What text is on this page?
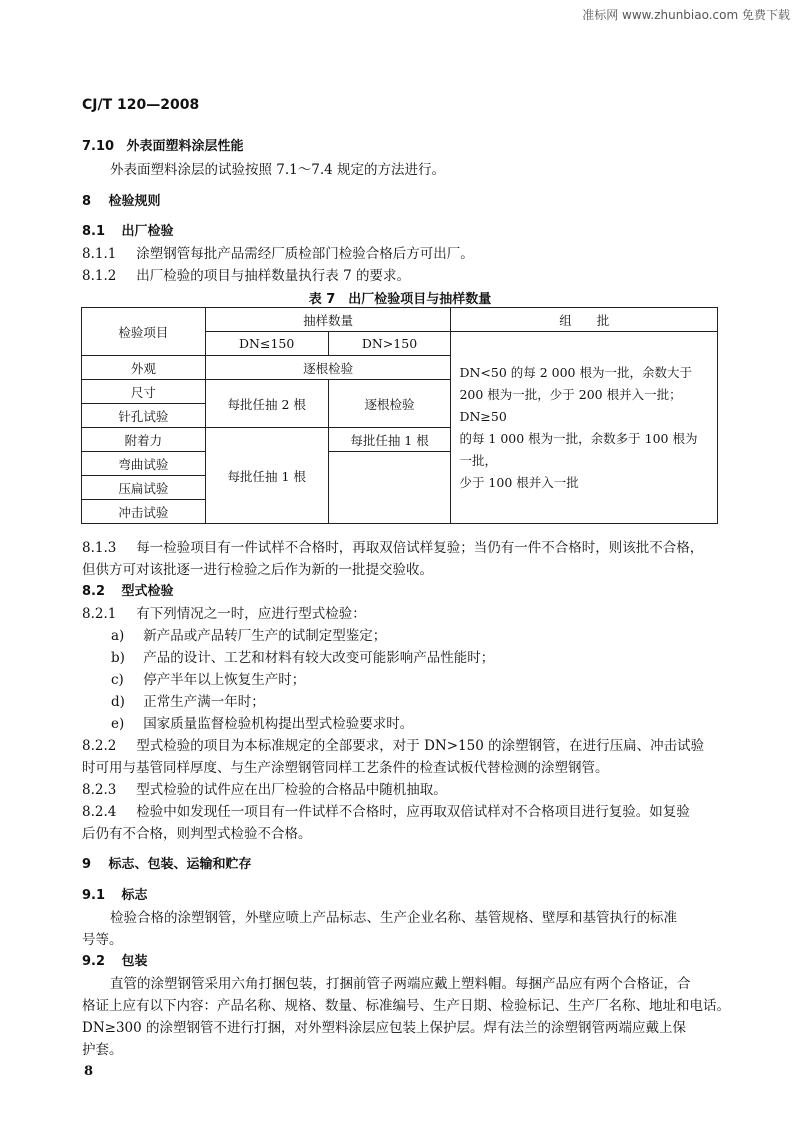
准标网 www.zhunbiao.com 免费下载
CJ/T 120—2008
7.10 外表面塑料涂层性能
外表面塑料涂层的试验按照 7.1～7.4 规定的方法进行。
8 检验规则
8.1 出厂检验
8.1.1 涂塑钢管每批产品需经厂质检部门检验合格后方可出厂。
8.1.2 出厂检验的项目与抽样数量执行表 7 的要求。
表 7　出厂检验项目与抽样数量
检验项目	抽样数量		组　　批
	DN≤150	DN>150	DN<50 的每 2 000 根为一批，余数大于
200 根为一批，少于 200 根并入一批；DN≥50
的每 1 000 根为一批，余数多于 100 根为一批，
少于 100 根并入一批

外观	逐根检验		
尺寸	每批任抽 2 根	逐根检验	
针孔试验			
附着力	每批任抽 1 根	每批任抽 1 根	
弯曲试验			
压扁试验			
冲击试验			
8.1.3 每一检验项目有一件试样不合格时，再取双倍试样复验；当仍有一件不合格时，则该批不合格，
但供方可对该批逐一进行检验之后作为新的一批提交验收。
8.2 型式检验
8.2.1 有下列情况之一时，应进行型式检验：
a) 新产品或产品转厂生产的试制定型鉴定；
b) 产品的设计、工艺和材料有较大改变可能影响产品性能时；
c) 停产半年以上恢复生产时；
d) 正常生产满一年时；
e) 国家质量监督检验机构提出型式检验要求时。
8.2.2 型式检验的项目为本标准规定的全部要求，对于 DN>150 的涂塑钢管，在进行压扁、冲击试验
时可用与基管同样厚度、与生产涂塑钢管同样工艺条件的检查试板代替检测的涂塑钢管。
8.2.3 型式检验的试件应在出厂检验的合格品中随机抽取。
8.2.4 检验中如发现任一项目有一件试样不合格时，应再取双倍试样对不合格项目进行复验。如复验
后仍有不合格，则判型式检验不合格。
9 标志、包装、运输和贮存
9.1 标志
检验合格的涂塑钢管，外壁应喷上产品标志、生产企业名称、基管规格、壁厚和基管执行的标准
号等。
9.2 包装
直管的涂塑钢管采用六角打捆包装，打捆前管子两端应戴上塑料帽。每捆产品应有两个合格证，合
格证上应有以下内容：产品名称、规格、数量、标准编号、生产日期、检验标记、生产厂名称、地址和电话。
DN≥300 的涂塑钢管不进行打捆，对外塑料涂层应包装上保护层。焊有法兰的涂塑钢管两端应戴上保
护套。
8
